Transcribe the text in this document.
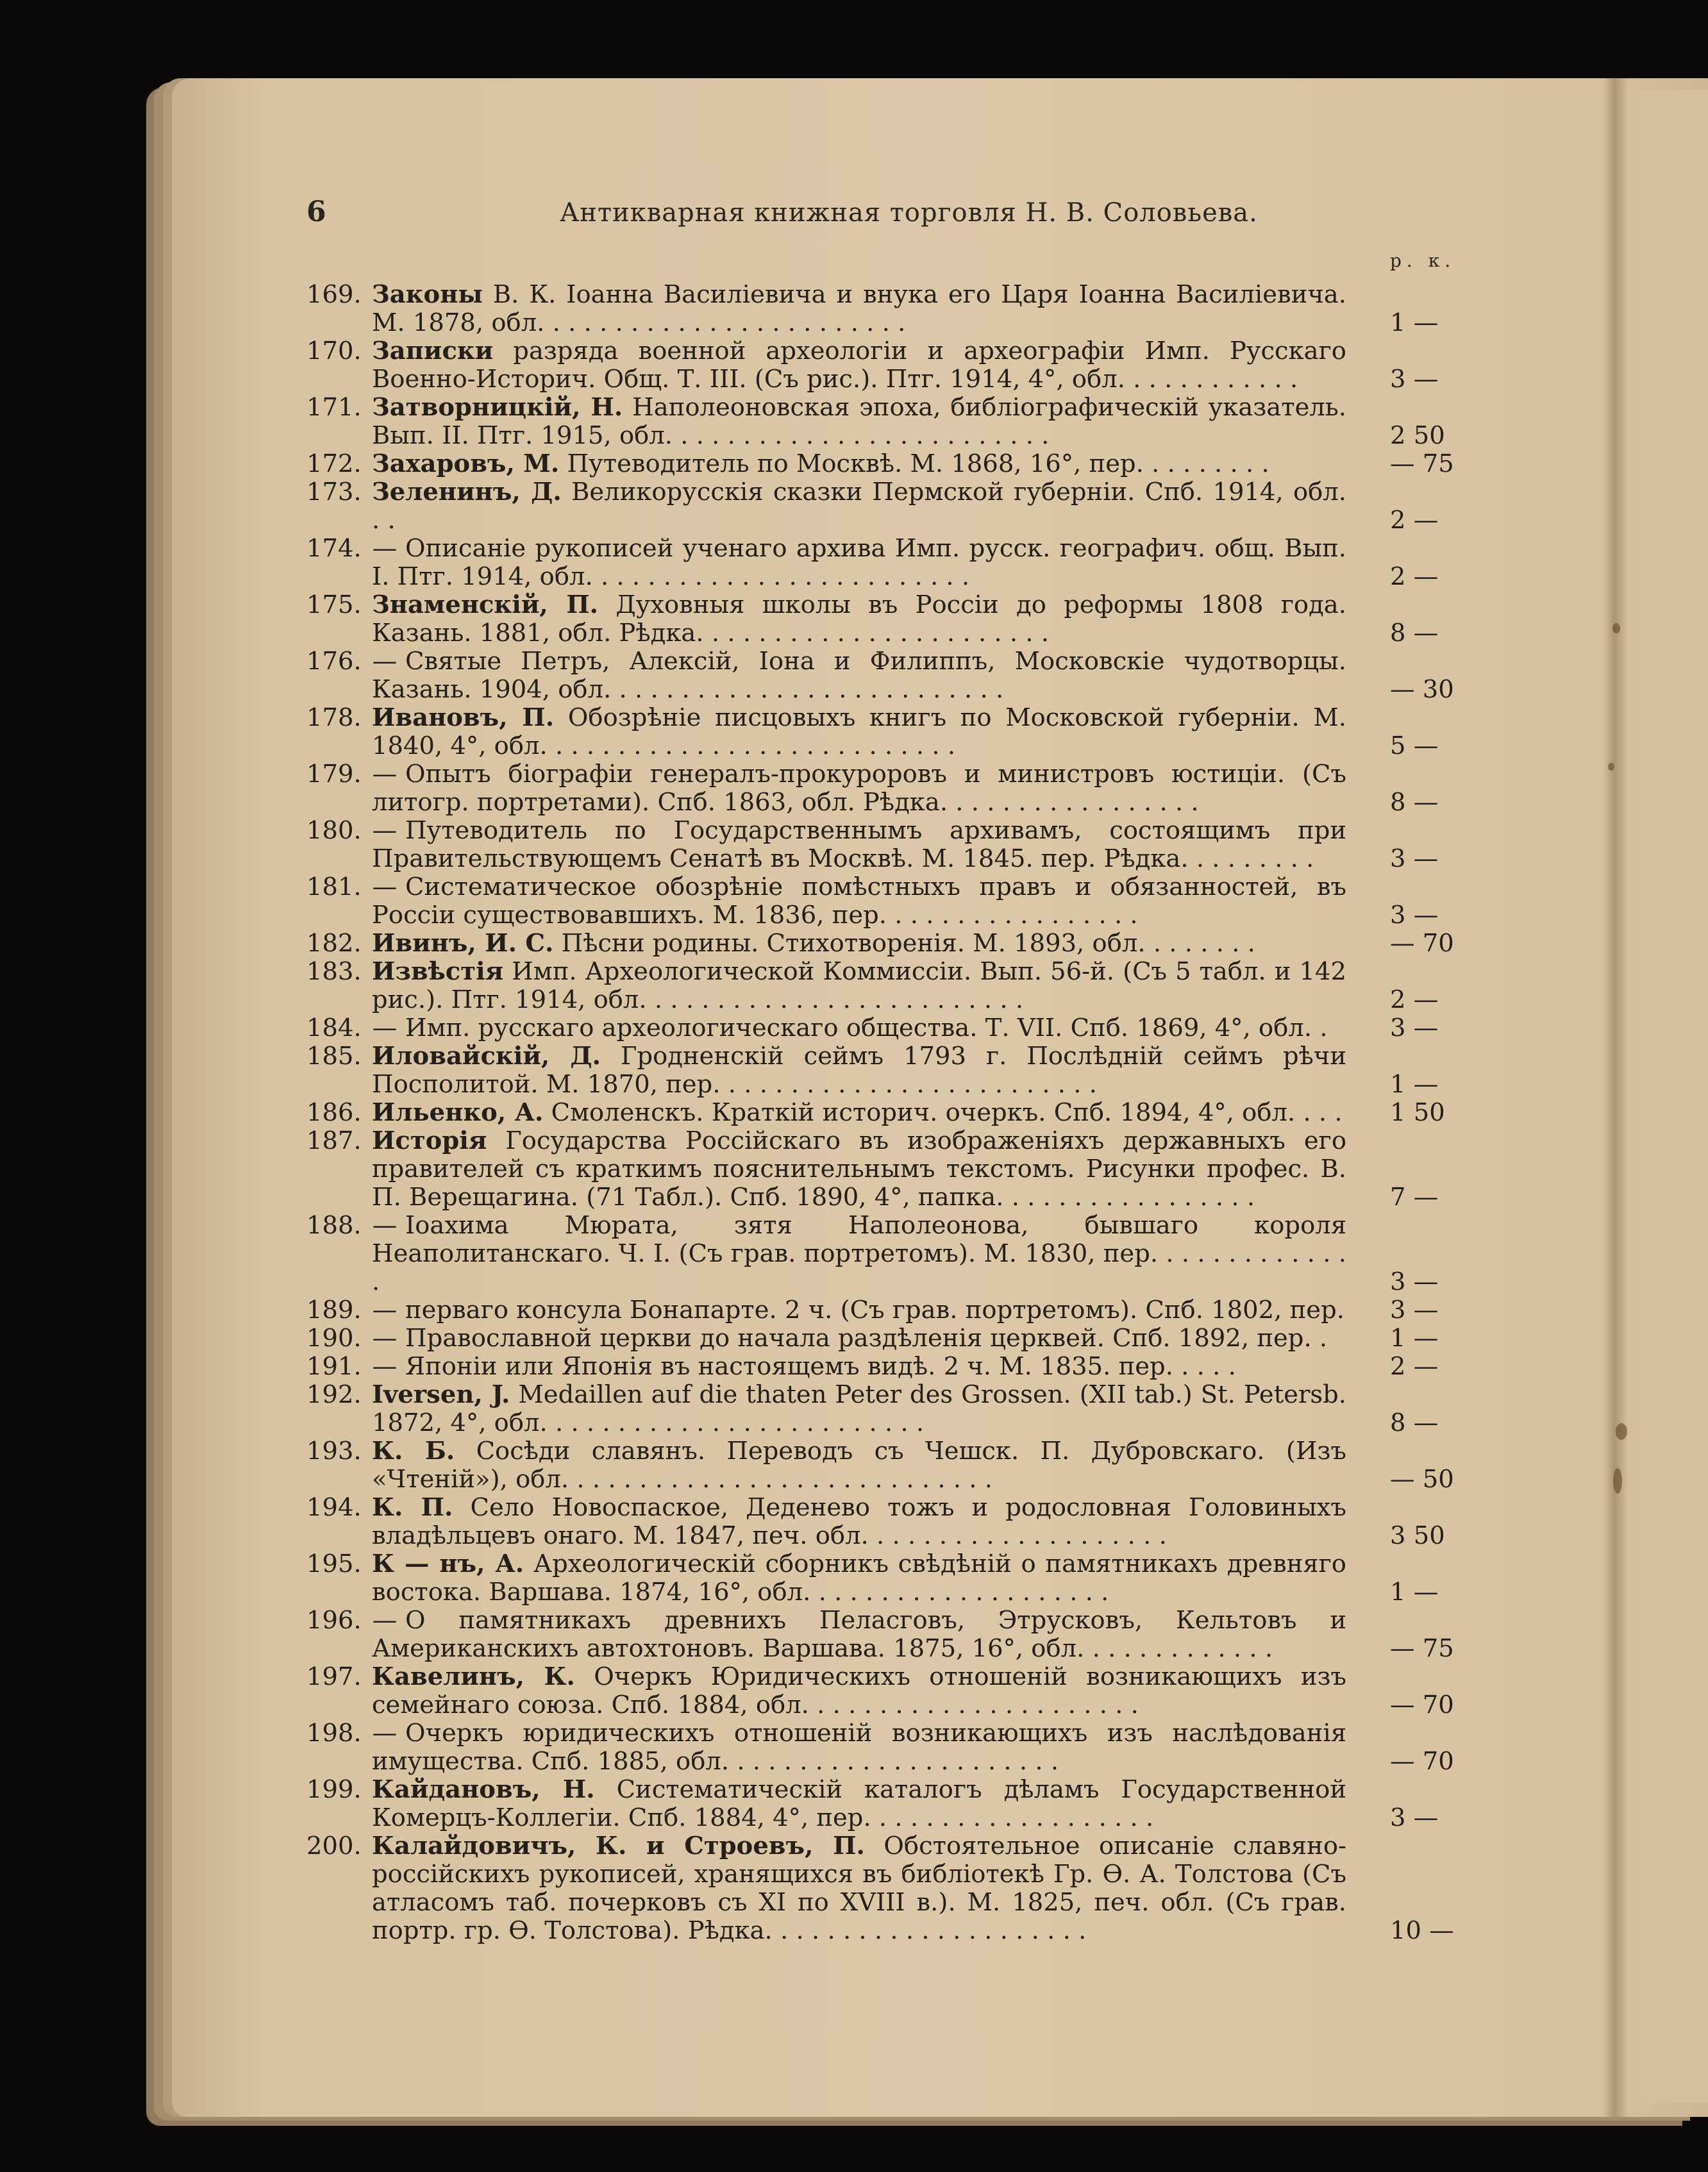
6	Антикварная книжная торговля Н. В. Соловьева.
р. к.
169. Законы В. К. Іоанна Василіевича и внука его Царя Іоанна Василіевича. М. 1878, обл. . . . . . . . . . . . . . . . . . . . . . . .	1 —
170. Записки разряда военной археологіи и археографіи Имп. Русскаго Военно-Историч. Общ. Т. III. (Съ рис.). Птг. 1914, 4°, обл. . . . . . . . . . . .	3 —
171. Затворницкій, Н. Наполеоновская эпоха, библіографическій указатель. Вып. II. Птг. 1915, обл. . . . . . . . . . . . . . . . . . . . . . . . .	2 50
172. Захаровъ, М. Путеводитель по Москвѣ. М. 1868, 16°, пер. . . . . . . . .	— 75
173. Зеленинъ, Д. Великорусскія сказки Пермской губерніи. Спб. 1914, обл. . .	2 —
174. — Описаніе рукописей ученаго архива Имп. русск. географич. общ. Вып. I. Птг. 1914, обл. . . . . . . . . . . . . . . . . . . . . . . . .	2 —
175. Знаменскій, П. Духовныя школы въ Россіи до реформы 1808 года. Казань. 1881, обл. Рѣдка. . . . . . . . . . . . . . . . . . . . . . .	8 —
176. — Святые Петръ, Алексій, Іона и Филиппъ, Московскіе чудотворцы. Казань. 1904, обл. . . . . . . . . . . . . . . . . . . . . . . . . .	— 30
178. Ивановъ, П. Обозрѣніе писцовыхъ книгъ по Московской губерніи. М. 1840, 4°, обл. . . . . . . . . . . . . . . . . . . . . . . . . . .	5 —
179. — Опытъ біографіи генералъ-прокуроровъ и министровъ юстиціи. (Съ литогр. портретами). Спб. 1863, обл. Рѣдка. . . . . . . . . . . . . . . . .	8 —
180. — Путеводитель по Государственнымъ архивамъ, состоящимъ при Правительствующемъ Сенатѣ въ Москвѣ. М. 1845. пер. Рѣдка. . . . . . . . .	3 —
181. — Систематическое обозрѣніе помѣстныхъ правъ и обязанностей, въ Россіи существовавшихъ. М. 1836, пер. . . . . . . . . . . . . . . . .	3 —
182. Ивинъ, И. С. Пѣсни родины. Стихотворенія. М. 1893, обл. . . . . . . .	— 70
183. Извѣстія Имп. Археологической Коммиссіи. Вып. 56-й. (Съ 5 табл. и 142 рис.). Птг. 1914, обл. . . . . . . . . . . . . . . . . . . . . . . . .	2 —
184. — Имп. русскаго археологическаго общества. Т. VII. Спб. 1869, 4°, обл. .	3 —
185. Иловайскій, Д. Гродненскій сеймъ 1793 г. Послѣдній сеймъ рѣчи Посполитой. М. 1870, пер. . . . . . . . . . . . . . . . . . . . . . . . .	1 —
186. Ильенко, А. Смоленскъ. Краткій историч. очеркъ. Спб. 1894, 4°, обл. . . . 1 50
187. Исторія Государства Россійскаго въ изображеніяхъ державныхъ его правителей съ краткимъ пояснительнымъ текстомъ. Рисунки профес. В. П. Верещагина. (71 Табл.). Спб. 1890, 4°, папка. . . . . . . . . . . . . . . . .	7 —
188. — Іоахима Мюрата, зятя Наполеонова, бывшаго короля Неаполитанскаго. Ч. I. (Съ грав. портретомъ). М. 1830, пер. . . . . . . . . . . . . .	3 —
189. — перваго консула Бонапарте. 2 ч. (Съ грав. портретомъ). Спб. 1802, пер. 3 —
190. — Православной церкви до начала раздѣленія церквей. Спб. 1892, пер. .	1 —
191. — Японіи или Японія въ настоящемъ видѣ. 2 ч. М. 1835. пер. . . . .	2 —
192. Iversen, J. Medaillen auf die thaten Peter des Grossen. (XII tab.) St. Petersb. 1872, 4°, обл. . . . . . . . . . . . . . . . . . . . . . . . .	8 —
193. К. Б. Сосѣди славянъ. Переводъ съ Чешск. П. Дубровскаго. (Изъ «Чтеній»), обл. . . . . . . . . . . . . . . . . . . . . . . . . . . .	— 50
194. К. П. Село Новоспаское, Деденево тожъ и родословная Головиныхъ владѣльцевъ онаго. М. 1847, печ. обл. . . . . . . . . . . . . . . . . . . .	3 50
195. К — нъ, А. Археологическій сборникъ свѣдѣній о памятникахъ древняго востока. Варшава. 1874, 16°, обл. . . . . . . . . . . . . . . . . . . .	1 —
196. — О памятникахъ древнихъ Пеласговъ, Этрусковъ, Кельтовъ и Американскихъ автохтоновъ. Варшава. 1875, 16°, обл. . . . . . . . . . . . .	— 75
197. Кавелинъ, К. Очеркъ Юридическихъ отношеній возникающихъ изъ семейнаго союза. Спб. 1884, обл. . . . . . . . . . . . . . . . . . . . . .	— 70
198. — Очеркъ юридическихъ отношеній возникающихъ изъ наслѣдованія имущества. Спб. 1885, обл. . . . . . . . . . . . . . . . . . . . . .	— 70
199. Кайдановъ, Н. Систематическій каталогъ дѣламъ Государственной Комерцъ-Коллегіи. Спб. 1884, 4°, пер. . . . . . . . . . . . . . . . . . .	3 —
200. Калайдовичъ, К. и Строевъ, П. Обстоятельное описаніе славяно-россійскихъ рукописей, хранящихся въ библіотекѣ Гр. Ѳ. А. Толстова (Съ атласомъ таб. почерковъ съ XI по XVIII в.). М. 1825, печ. обл. (Съ грав. портр. гр. Ѳ. Толстова). Рѣдка. . . . . . . . . . . . . . . . . . . . .	10 —
